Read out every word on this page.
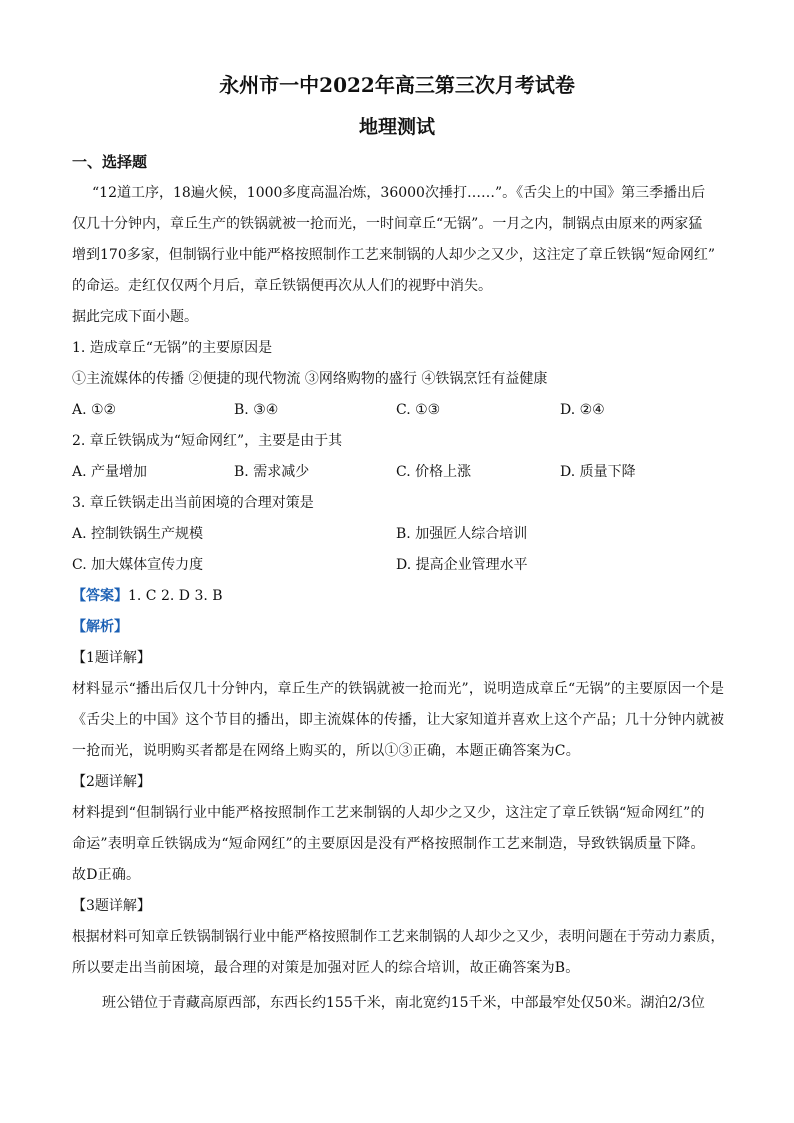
永州市一中2022年高三第三次月考试卷
地理测试
一、选择题
“12道工序，18遍火候，1000多度高温冶炼，36000次捶打……”。《舌尖上的中国》第三季播出后
仅几十分钟内，章丘生产的铁锅就被一抢而光，一时间章丘“无锅”。一月之内，制锅点由原来的两家猛
增到170多家，但制锅行业中能严格按照制作工艺来制锅的人却少之又少，这注定了章丘铁锅“短命网红”
的命运。走红仅仅两个月后，章丘铁锅便再次从人们的视野中消失。
据此完成下面小题。
1. 造成章丘“无锅”的主要原因是
①主流媒体的传播 ②便捷的现代物流 ③网络购物的盛行 ④铁锅烹饪有益健康
A. ①②	B. ③④	C. ①③	D. ②④
2. 章丘铁锅成为“短命网红”，主要是由于其
A. 产量增加	B. 需求减少	C. 价格上涨	D. 质量下降
3. 章丘铁锅走出当前困境的合理对策是
A. 控制铁锅生产规模	B. 加强匠人综合培训
C. 加大媒体宣传力度	D. 提高企业管理水平
【答案】1. C 2. D 3. B
【解析】
【1题详解】
材料显示“播出后仅几十分钟内，章丘生产的铁锅就被一抢而光”，说明造成章丘“无锅”的主要原因一个是
《舌尖上的中国》这个节目的播出，即主流媒体的传播，让大家知道并喜欢上这个产品；几十分钟内就被
一抢而光，说明购买者都是在网络上购买的，所以①③正确，本题正确答案为C。
【2题详解】
材料提到“但制锅行业中能严格按照制作工艺来制锅的人却少之又少，这注定了章丘铁锅“短命网红”的
命运”表明章丘铁锅成为“短命网红”的主要原因是没有严格按照制作工艺来制造，导致铁锅质量下降。
故D正确。
【3题详解】
根据材料可知章丘铁锅制锅行业中能严格按照制作工艺来制锅的人却少之又少，表明问题在于劳动力素质，
所以要走出当前困境，最合理的对策是加强对匠人的综合培训，故正确答案为B。
班公错位于青藏高原西部，东西长约155千米，南北宽约15千米，中部最窄处仅50米。湖泊2/3位
